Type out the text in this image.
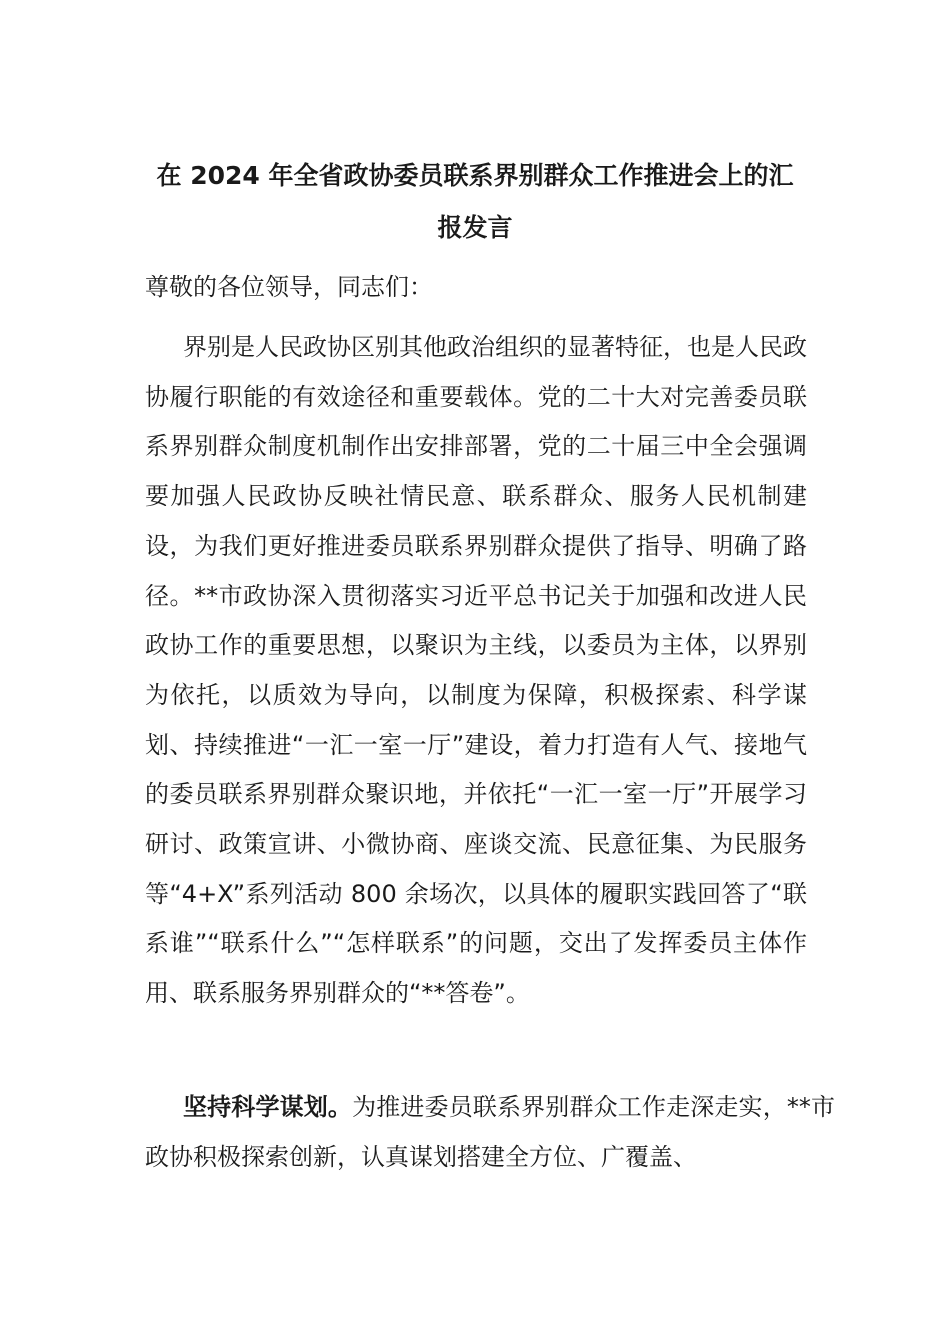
在 2024 年全省政协委员联系界别群众工作推进会上的汇报发言

尊敬的各位领导，同志们：

界别是人民政协区别其他政治组织的显著特征，也是人民政协履行职能的有效途径和重要载体。党的二十大对完善委员联系界别群众制度机制作出安排部署，党的二十届三中全会强调要加强人民政协反映社情民意、联系群众、服务人民机制建设，为我们更好推进委员联系界别群众提供了指导、明确了路径。**市政协深入贯彻落实习近平总书记关于加强和改进人民政协工作的重要思想，以聚识为主线，以委员为主体，以界别为依托，以质效为导向，以制度为保障，积极探索、科学谋划、持续推进“一汇一室一厅”建设，着力打造有人气、接地气的委员联系界别群众聚识地，并依托“一汇一室一厅”开展学习研讨、政策宣讲、小微协商、座谈交流、民意征集、为民服务等“4+X”系列活动 800 余场次，以具体的履职实践回答了“联系谁”“联系什么”“怎样联系”的问题，交出了发挥委员主体作用、联系服务界别群众的“**答卷”。

坚持科学谋划。为推进委员联系界别群众工作走深走实，**市政协积极探索创新，认真谋划搭建全方位、广覆盖、
